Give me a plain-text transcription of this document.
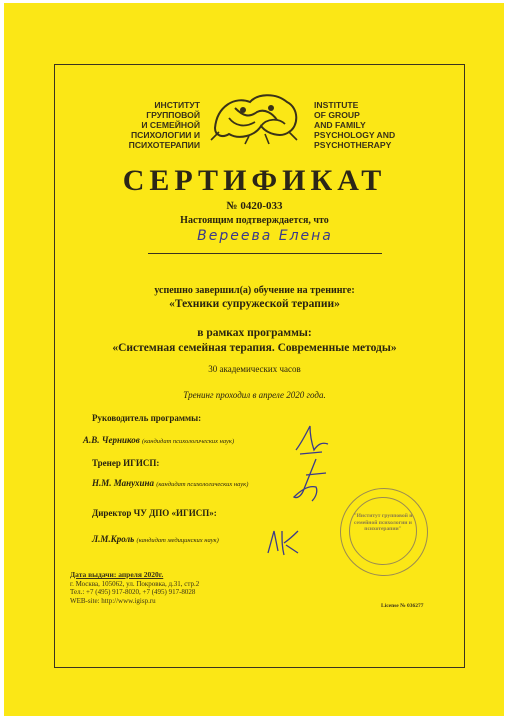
ИНСТИТУТ
ГРУППОВОЙ
И СЕМЕЙНОЙ
ПСИХОЛОГИИ И
ПСИХОТЕРАПИИ
INSTITUTE
OF GROUP
AND FAMILY
PSYCHOLOGY AND
PSYCHOTHERAPY
СЕРТИФИКАТ
№ 0420-033
Настоящим подтверждается, что
Вереева Елена
успешно завершил(а) обучение на тренинге:
«Техники супружеской терапии»
в рамках программы:
«Системная семейная терапия. Современные методы»
30 академических часов
Тренинг проходил в апреле 2020 года.
Руководитель программы:
А.В. Черников (кандидат психологических наук)
Тренер ИГИСП:
Н.М. Манухина (кандидат психологических наук)
Директор ЧУ ДПО «ИГИСП»:
Л.М.Кроль (кандидат медицинских наук)
"Институт групповой и семейной психологии и психотерапии"
Дата выдачи: апреля 2020г.
г. Москва, 105062, ул. Покровка, д.31, стр.2
Тел.: +7 (495) 917-8020, +7 (495) 917-8028
WEB-site: http://www.igisp.ru
License № 036277
